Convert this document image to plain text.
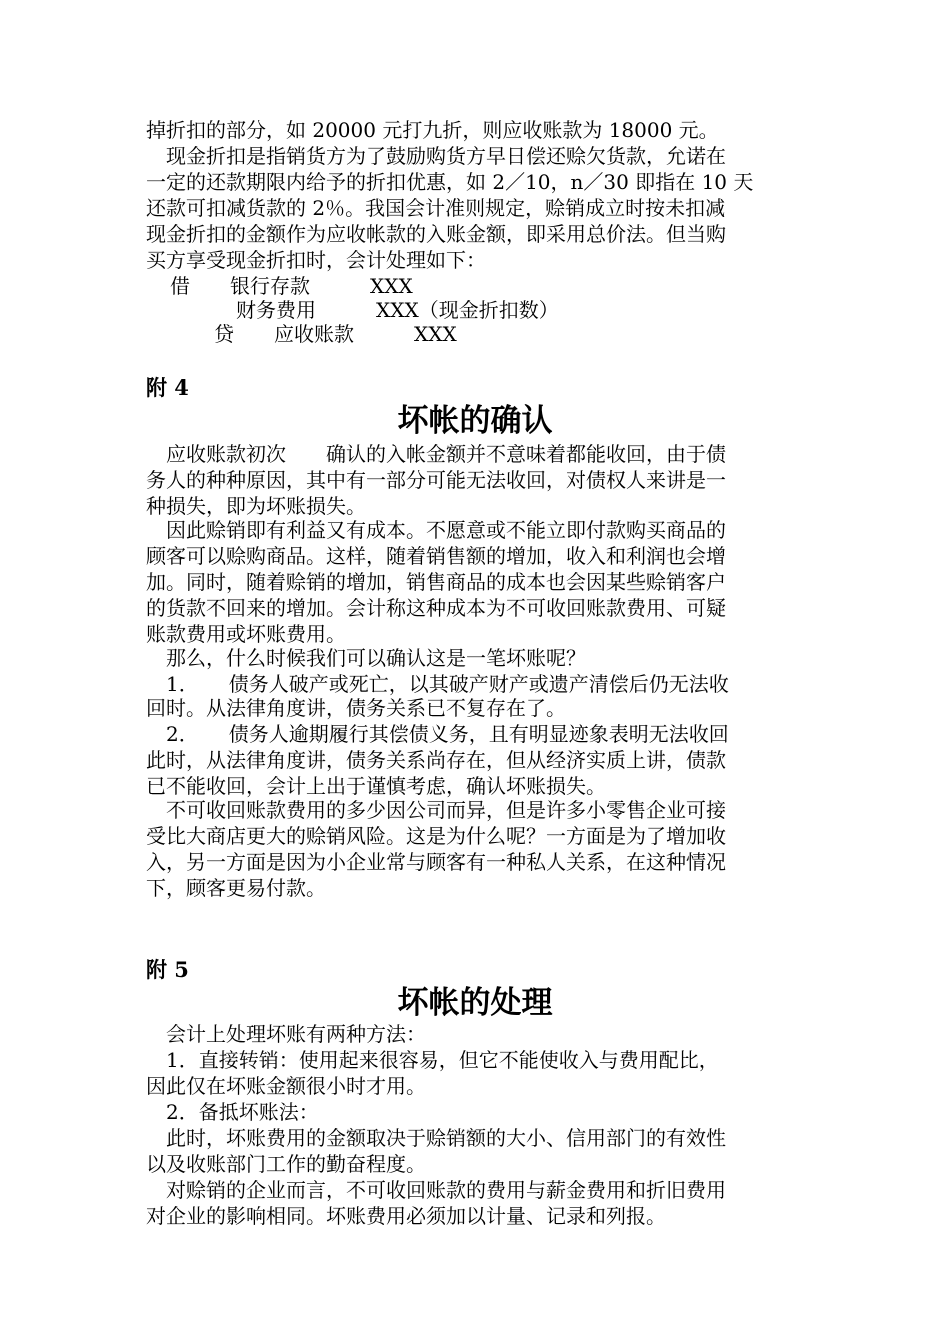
掉折扣的部分，如 20000 元打九折，则应收账款为 18000 元。
　现金折扣是指销货方为了鼓励购货方早日偿还赊欠货款，允诺在
一定的还款期限内给予的折扣优惠，如 2／10，n／30 即指在 10 天
还款可扣减货款的 2％。我国会计准则规定，赊销成立时按未扣减
现金折扣的金额作为应收帐款的入账金额，即采用总价法。但当购
买方享受现金折扣时，会计处理如下：
借　　银行存款　　　XXX
财务费用　　　XXX（现金折扣数）
贷　　应收账款　　　XXX
附 4
坏帐的确认
　应收账款初次　　确认的入帐金额并不意味着都能收回，由于债
务人的种种原因，其中有一部分可能无法收回，对债权人来讲是一
种损失，即为坏账损失。
　因此赊销即有利益又有成本。不愿意或不能立即付款购买商品的
顾客可以赊购商品。这样，随着销售额的增加，收入和利润也会增
加。同时，随着赊销的增加，销售商品的成本也会因某些赊销客户
的货款不回来的增加。会计称这种成本为不可收回账款费用、可疑
账款费用或坏账费用。
　那么，什么时候我们可以确认这是一笔坏账呢？
　1．　　债务人破产或死亡，以其破产财产或遗产清偿后仍无法收
回时。从法律角度讲，债务关系已不复存在了。
　2．　　债务人逾期履行其偿债义务，且有明显迹象表明无法收回
此时，从法律角度讲，债务关系尚存在，但从经济实质上讲，债款
已不能收回，会计上出于谨慎考虑，确认坏账损失。
　不可收回账款费用的多少因公司而异，但是许多小零售企业可接
受比大商店更大的赊销风险。这是为什么呢？一方面是为了增加收
入，另一方面是因为小企业常与顾客有一种私人关系，在这种情况
下，顾客更易付款。
附 5
坏帐的处理
　会计上处理坏账有两种方法：
　1．直接转销：使用起来很容易，但它不能使收入与费用配比，
因此仅在坏账金额很小时才用。
　2．备抵坏账法：
　此时，坏账费用的金额取决于赊销额的大小、信用部门的有效性
以及收账部门工作的勤奋程度。
　对赊销的企业而言，不可收回账款的费用与薪金费用和折旧费用
对企业的影响相同。坏账费用必须加以计量、记录和列报。
